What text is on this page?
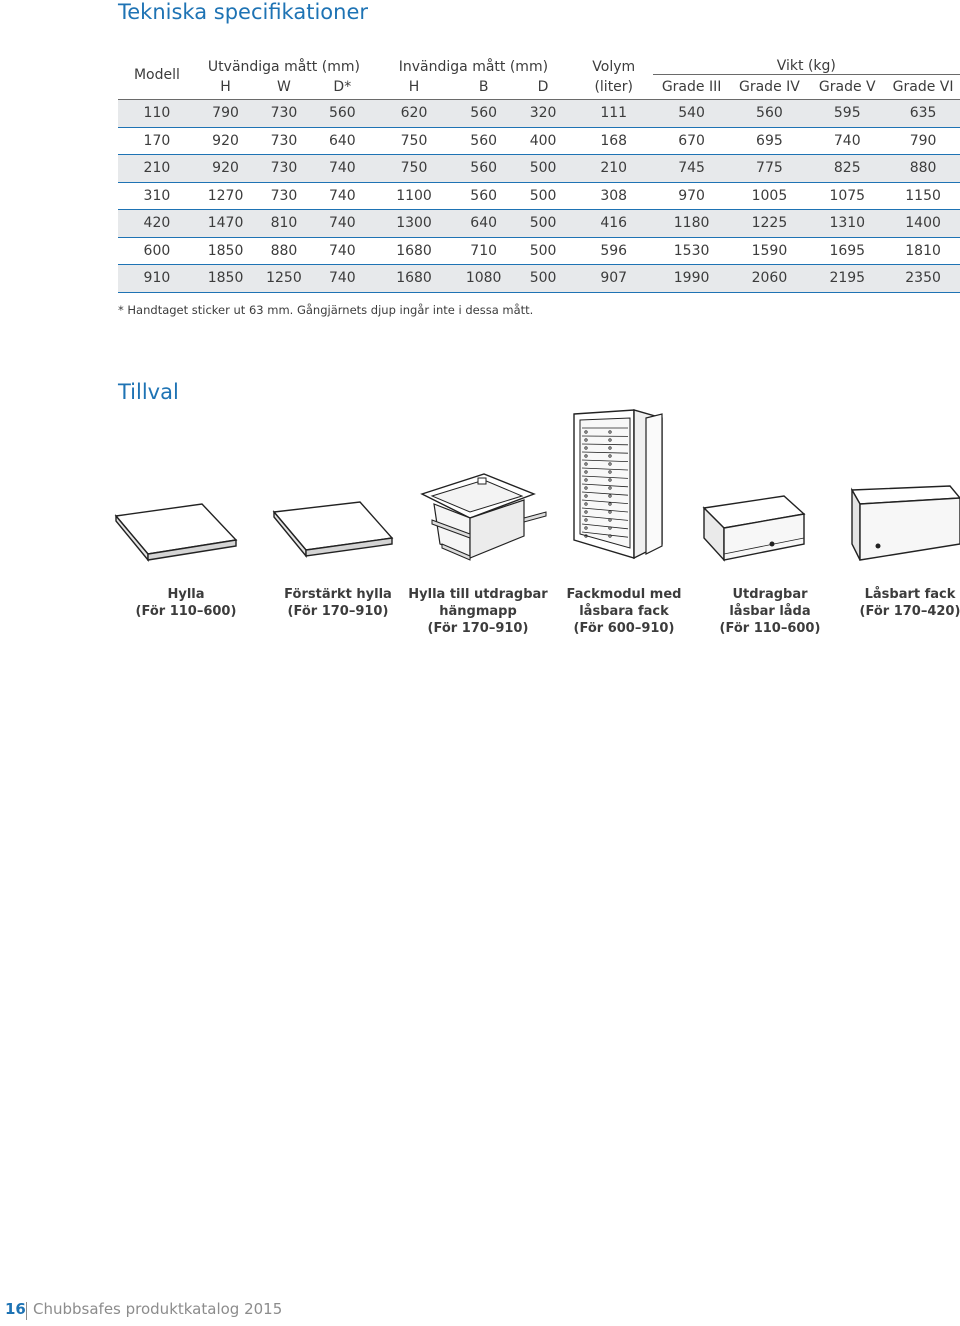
Tekniska specifikationer
Modell	Utvändiga mått (mm)			Invändiga mått (mm)			Volym	Vikt (kg)			
	H	W	D*	H	B	D	(liter)	Grade III	Grade IV	Grade V	Grade VI
110	790	730	560	620	560	320	111	540	560	595	635
170	920	730	640	750	560	400	168	670	695	740	790
210	920	730	740	750	560	500	210	745	775	825	880
310	1270	730	740	1100	560	500	308	970	1005	1075	1150
420	1470	810	740	1300	640	500	416	1180	1225	1310	1400
600	1850	880	740	1680	710	500	596	1530	1590	1695	1810
910	1850	1250	740	1680	1080	500	907	1990	2060	2195	2350
* Handtaget sticker ut 63 mm. Gångjärnets djup ingår inte i dessa mått.
Tillval
Hylla
(För 110–600)
Förstärkt hylla
(För 170–910)
Hylla till utdragbar
hängmapp
(För 170–910)
Fackmodul med
låsbara fack
(För 600–910)
Utdragbar
låsbar låda
(För 110–600)
Låsbart fack
(För 170–420)
16 Chubbsafes produktkatalog 2015
